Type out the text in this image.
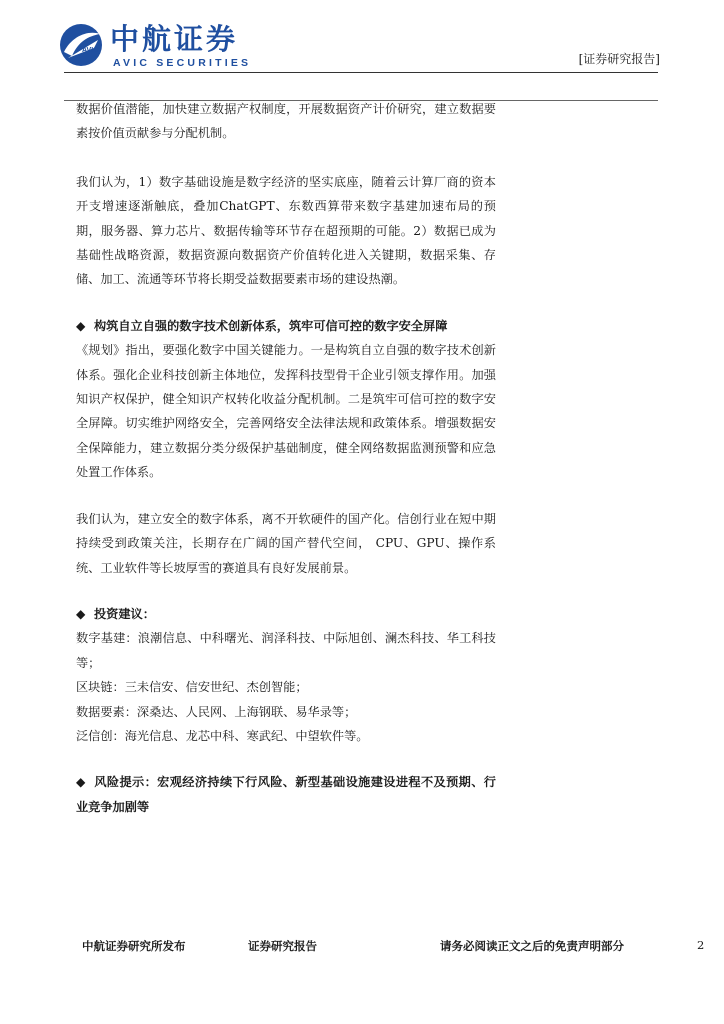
AVIC 中航证券
AVIC SECURITIES	[证券研究报告]

数据价值潜能，加快建立数据产权制度，开展数据资产计价研究，建立数据要素按价值贡献参与分配机制。

我们认为，1）数字基础设施是数字经济的坚实底座，随着云计算厂商的资本开支增速逐渐触底，叠加ChatGPT、东数西算带来数字基建加速布局的预期，服务器、算力芯片、数据传输等环节存在超预期的可能。2）数据已成为基础性战略资源，数据资源向数据资产价值转化进入关键期，数据采集、存储、加工、流通等环节将长期受益数据要素市场的建设热潮。

◆ 构筑自立自强的数字技术创新体系，筑牢可信可控的数字安全屏障

《规划》指出，要强化数字中国关键能力。一是构筑自立自强的数字技术创新体系。强化企业科技创新主体地位，发挥科技型骨干企业引领支撑作用。加强知识产权保护，健全知识产权转化收益分配机制。二是筑牢可信可控的数字安全屏障。切实维护网络安全，完善网络安全法律法规和政策体系。增强数据安全保障能力，建立数据分类分级保护基础制度，健全网络数据监测预警和应急处置工作体系。

我们认为，建立安全的数字体系，离不开软硬件的国产化。信创行业在短中期持续受到政策关注，长期存在广阔的国产替代空间， CPU、GPU、操作系统、工业软件等长坡厚雪的赛道具有良好发展前景。

◆ 投资建议：

数字基建：浪潮信息、中科曙光、润泽科技、中际旭创、澜杰科技、华工科技等；

区块链：三未信安、信安世纪、杰创智能；

数据要素：深桑达、人民网、上海钢联、易华录等；

泛信创：海光信息、龙芯中科、寒武纪、中望软件等。

◆ 风险提示：宏观经济持续下行风险、新型基础设施建设进程不及预期、行业竞争加剧等

中航证券研究所发布	证券研究报告	请务必阅读正文之后的免责声明部分	2
